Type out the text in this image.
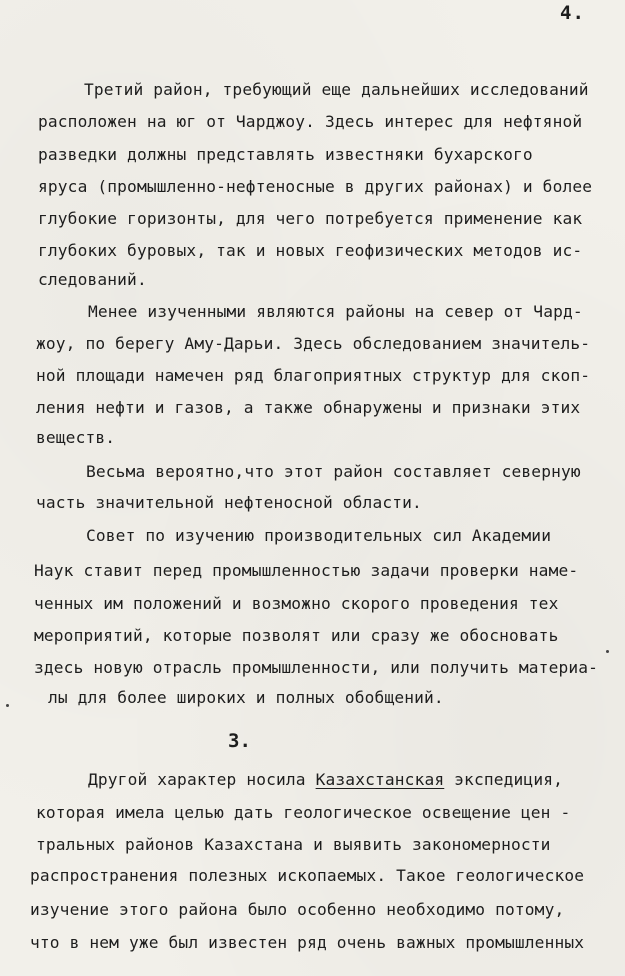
4.
Третий район, требующий еще дальнейших исследований
расположен на юг от Чарджоу. Здесь интерес для нефтяной
разведки должны представлять известняки бухарского
яруса (промышленно-нефтеносные в других районах) и более
глубокие горизонты, для чего потребуется применение как
глубоких буровых, так и новых геофизических методов ис-
следований.
Менее изученными являются районы на север от Чард-
жоу, по берегу Аму-Дарьи. Здесь обследованием значитель-
ной площади намечен ряд благоприятных структур для скоп-
ления нефти и газов, а также обнаружены и признаки этих
веществ.
Весьма вероятно,что этот район составляет северную
часть значительной нефтеносной области.
Совет по изучению производительных сил Академии
Наук ставит перед промышленностью задачи проверки наме-
ченных им положений и возможно скорого проведения тех
мероприятий, которые позволят или сразу же обосновать
здесь новую отрасль промышленности, или получить материа-
лы для более широких и полных обобщений.
3.
Другой характер носила Казахстанская экспедиция,
которая имела целью дать геологическое освещение цен -
тральных районов Казахстана и выявить закономерности
распространения полезных ископаемых. Такое геологическое
изучение этого района было особенно необходимо потому,
что в нем уже был известен ряд очень важных промышленных
